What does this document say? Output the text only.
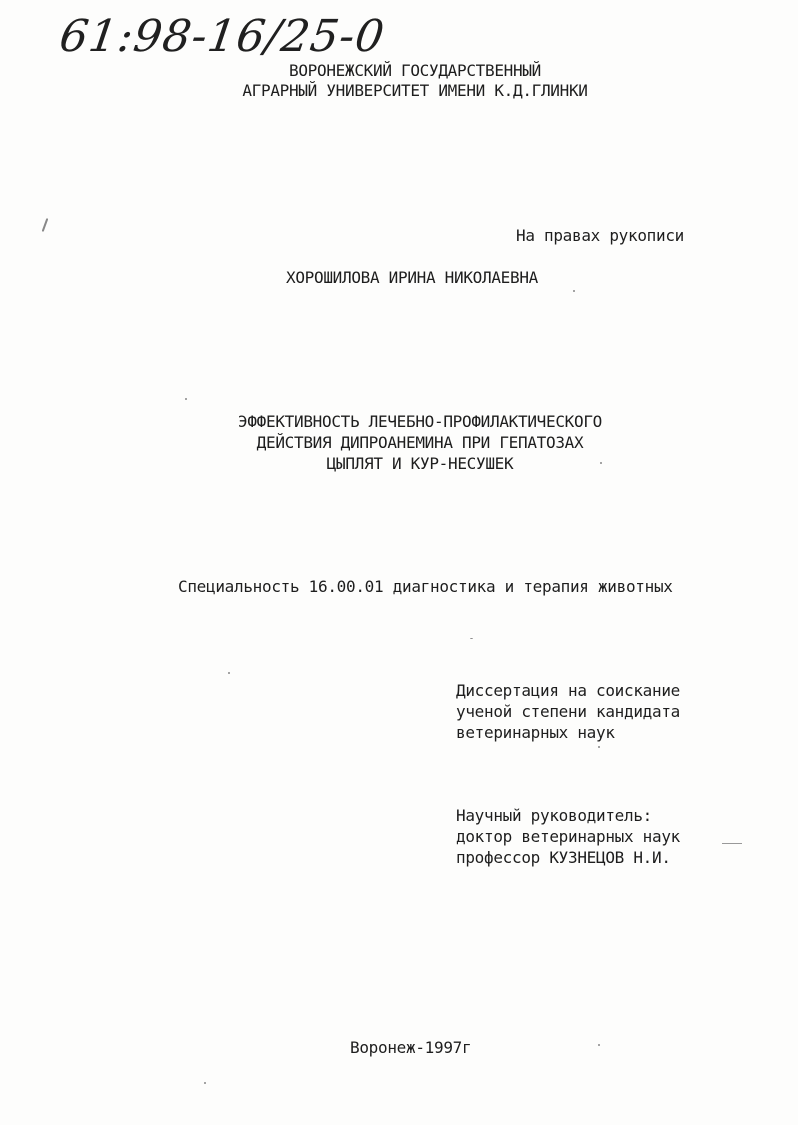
61:98-16/25-0
ВОРОНЕЖСКИЙ ГОСУДАРСТВЕННЫЙ
АГРАРНЫЙ УНИВЕРСИТЕТ ИМЕНИ К.Д.ГЛИНКИ
На правах рукописи
ХОРОШИЛОВА ИРИНА НИКОЛАЕВНА
ЭФФЕКТИВНОСТЬ ЛЕЧЕБНО-ПРОФИЛАКТИЧЕСКОГО
ДЕЙСТВИЯ ДИПРОАНЕМИНА ПРИ ГЕПАТОЗАХ
ЦЫПЛЯТ И КУР-НЕСУШЕК
Специальность 16.00.01 диагностика и терапия животных
Диссертация на соискание
ученой степени кандидата
ветеринарных наук
Научный руководитель:
доктор ветеринарных наук
профессор КУЗНЕЦОВ Н.И.
Воронеж-1997г
